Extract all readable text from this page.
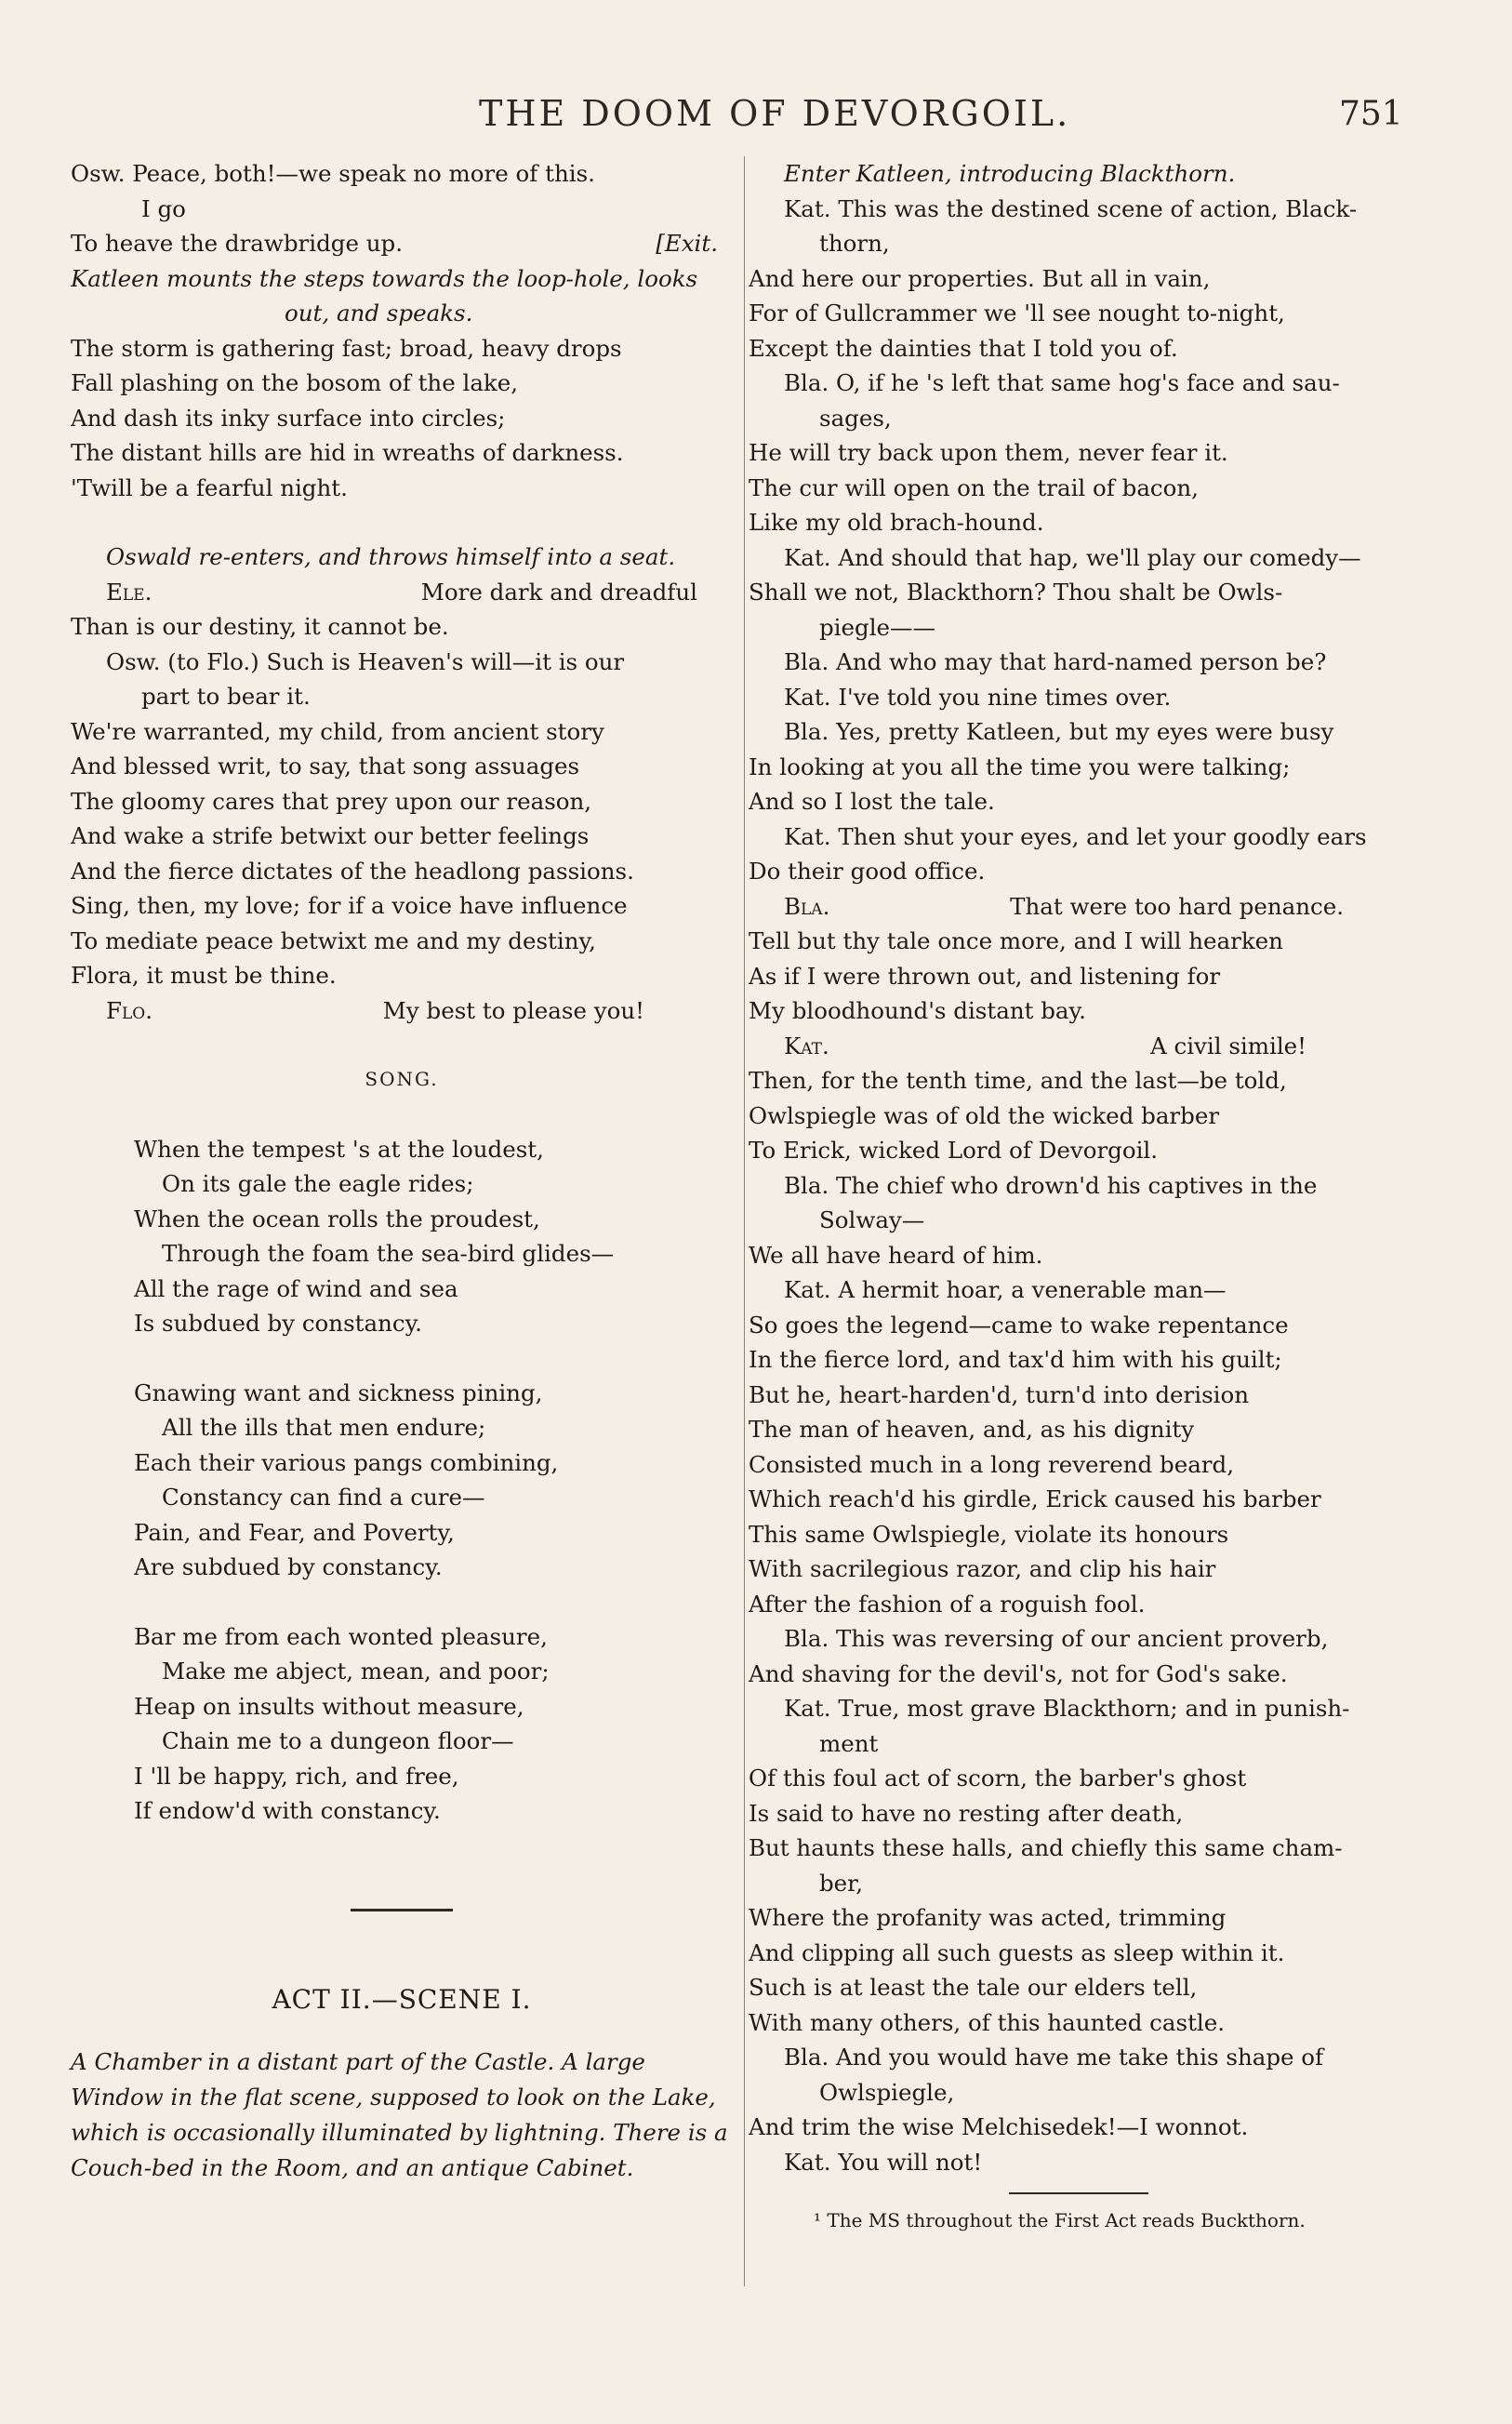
THE DOOM OF DEVORGOIL.	751
Osw. Peace, both!—we speak no more of this.
I go
To heave the drawbridge up.	[Exit.
Katleen mounts the steps towards the loop-hole, looks
out, and speaks.
The storm is gathering fast; broad, heavy drops
Fall plashing on the bosom of the lake,
And dash its inky surface into circles;
The distant hills are hid in wreaths of darkness.
'Twill be a fearful night.
Oswald re-enters, and throws himself into a seat.
Ele.	More dark and dreadful
Than is our destiny, it cannot be.
Osw. (to Flo.) Such is Heaven's will—it is our
part to bear it.
We're warranted, my child, from ancient story
And blessed writ, to say, that song assuages
The gloomy cares that prey upon our reason,
And wake a strife betwixt our better feelings
And the fierce dictates of the headlong passions.
Sing, then, my love; for if a voice have influence
To mediate peace betwixt me and my destiny,
Flora, it must be thine.
Flo.	My best to please you!
SONG.
When the tempest 's at the loudest,
On its gale the eagle rides;
When the ocean rolls the proudest,
Through the foam the sea-bird glides—
All the rage of wind and sea
Is subdued by constancy.
Gnawing want and sickness pining,
All the ills that men endure;
Each their various pangs combining,
Constancy can find a cure—
Pain, and Fear, and Poverty,
Are subdued by constancy.
Bar me from each wonted pleasure,
Make me abject, mean, and poor;
Heap on insults without measure,
Chain me to a dungeon floor—
I 'll be happy, rich, and free,
If endow'd with constancy.
ACT II.—SCENE I.
A Chamber in a distant part of the Castle. A large Window in the flat scene, supposed to look on the Lake, which is occasionally illuminated by lightning. There is a Couch-bed in the Room, and an antique Cabinet.
Enter Katleen, introducing Blackthorn.
Kat. This was the destined scene of action, Black-
thorn,
And here our properties. But all in vain,
For of Gullcrammer we 'll see nought to-night,
Except the dainties that I told you of.
Bla. O, if he 's left that same hog's face and sau-
sages,
He will try back upon them, never fear it.
The cur will open on the trail of bacon,
Like my old brach-hound.
Kat. And should that hap, we'll play our comedy—
Shall we not, Blackthorn? Thou shalt be Owls-
piegle——
Bla. And who may that hard-named person be?
Kat. I've told you nine times over.
Bla. Yes, pretty Katleen, but my eyes were busy
In looking at you all the time you were talking;
And so I lost the tale.
Kat. Then shut your eyes, and let your goodly ears
Do their good office.
Bla.	That were too hard penance.
Tell but thy tale once more, and I will hearken
As if I were thrown out, and listening for
My bloodhound's distant bay.
Kat.	A civil simile!
Then, for the tenth time, and the last—be told,
Owlspiegle was of old the wicked barber
To Erick, wicked Lord of Devorgoil.
Bla. The chief who drown'd his captives in the
Solway—
We all have heard of him.
Kat. A hermit hoar, a venerable man—
So goes the legend—came to wake repentance
In the fierce lord, and tax'd him with his guilt;
But he, heart-harden'd, turn'd into derision
The man of heaven, and, as his dignity
Consisted much in a long reverend beard,
Which reach'd his girdle, Erick caused his barber
This same Owlspiegle, violate its honours
With sacrilegious razor, and clip his hair
After the fashion of a roguish fool.
Bla. This was reversing of our ancient proverb,
And shaving for the devil's, not for God's sake.
Kat. True, most grave Blackthorn; and in punish-
ment
Of this foul act of scorn, the barber's ghost
Is said to have no resting after death,
But haunts these halls, and chiefly this same cham-
ber,
Where the profanity was acted, trimming
And clipping all such guests as sleep within it.
Such is at least the tale our elders tell,
With many others, of this haunted castle.
Bla. And you would have me take this shape of
Owlspiegle,
And trim the wise Melchisedek!—I wonnot.
Kat. You will not!
¹ The MS throughout the First Act reads Buckthorn.
